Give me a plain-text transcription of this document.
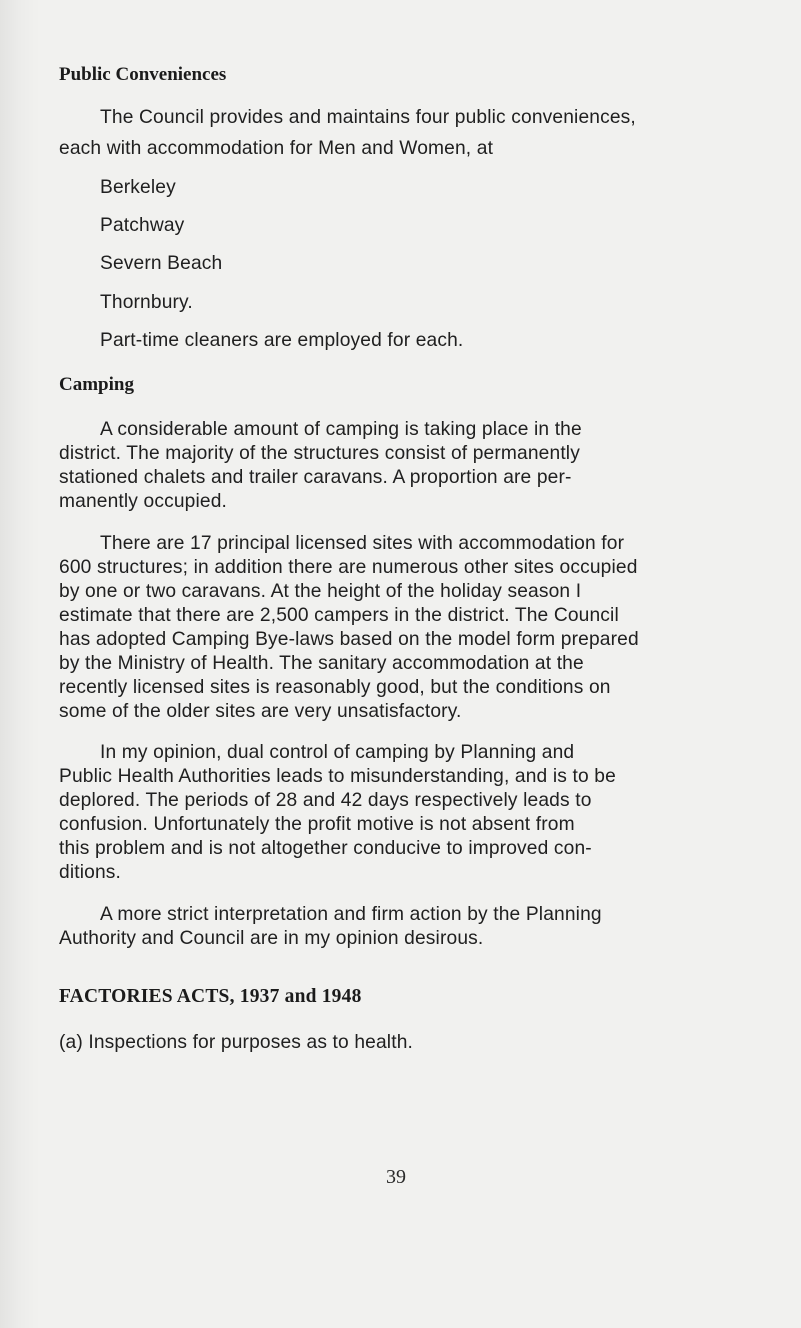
Public Conveniences
The Council provides and maintains four public conveniences,
each with accommodation for Men and Women, at
Berkeley
Patchway
Severn Beach
Thornbury.
Part-time cleaners are employed for each.
Camping
A considerable amount of camping is taking place in the
district. The majority of the structures consist of permanently
stationed chalets and trailer caravans. A proportion are per-
manently occupied.
There are 17 principal licensed sites with accommodation for
600 structures; in addition there are numerous other sites occupied
by one or two caravans. At the height of the holiday season I
estimate that there are 2,500 campers in the district. The Council
has adopted Camping Bye-laws based on the model form prepared
by the Ministry of Health. The sanitary accommodation at the
recently licensed sites is reasonably good, but the conditions on
some of the older sites are very unsatisfactory.
In my opinion, dual control of camping by Planning and
Public Health Authorities leads to misunderstanding, and is to be
deplored. The periods of 28 and 42 days respectively leads to
confusion. Unfortunately the profit motive is not absent from
this problem and is not altogether conducive to improved con-
ditions.
A more strict interpretation and firm action by the Planning
Authority and Council are in my opinion desirous.
FACTORIES ACTS, 1937 and 1948
(a) Inspections for purposes as to health.
39
